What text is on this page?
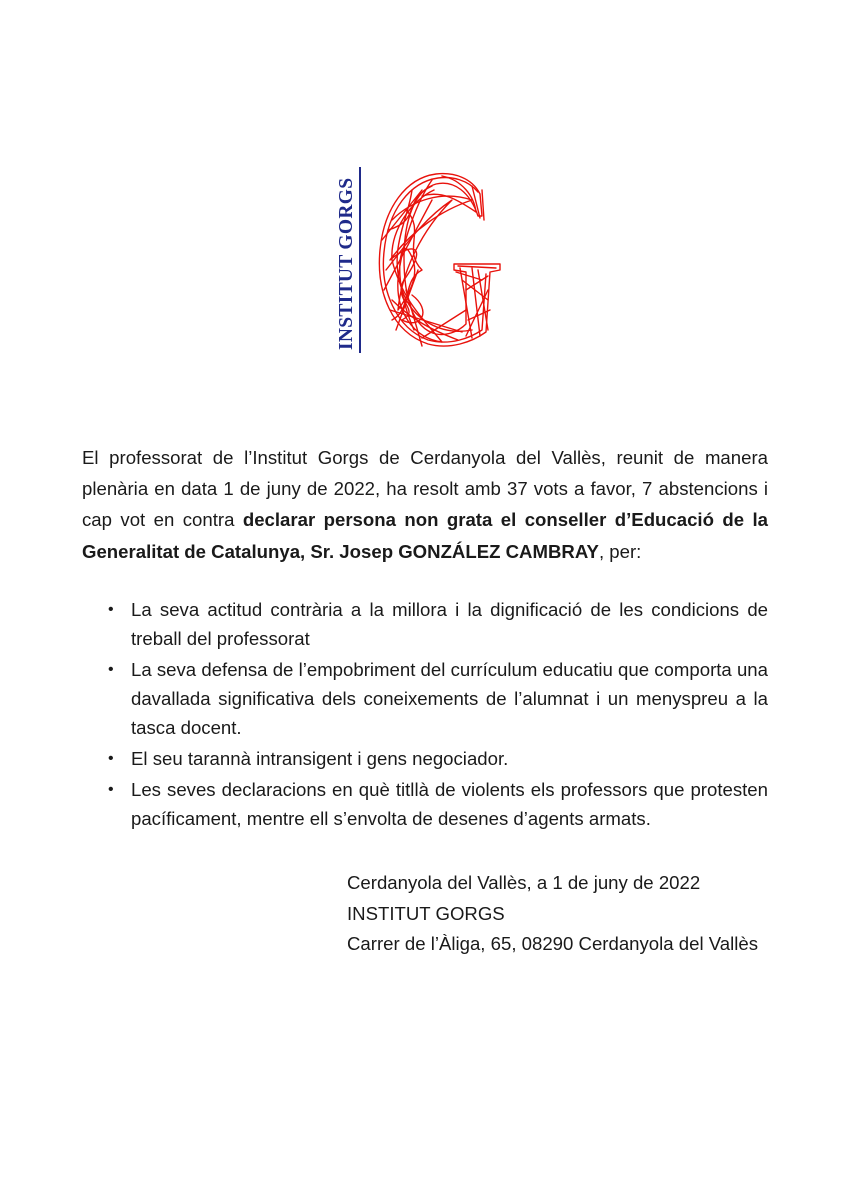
INSTITUT GORGS

El professorat de l’Institut Gorgs de Cerdanyola del Vallès, reunit de manera plenària en data 1 de juny de 2022, ha resolt amb 37 vots a favor, 7 abstencions i cap vot en contra declarar persona non grata el conseller d’Educació de la Generalitat de Catalunya, Sr. Josep GONZÁLEZ CAMBRAY, per:

• La seva actitud contrària a la millora i la dignificació de les condicions de treball del professorat
• La seva defensa de l’empobriment del currículum educatiu que comporta una davallada significativa dels coneixements de l’alumnat i un menyspreu a la tasca docent.
• El seu tarannà intransigent i gens negociador.
• Les seves declaracions en què titllà de violents els professors que protesten pacíficament, mentre ell s’envolta de desenes d’agents armats.
Cerdanyola del Vallès, a 1 de juny de 2022
INSTITUT GORGS
Carrer de l’Àliga, 65, 08290 Cerdanyola del Vallès
